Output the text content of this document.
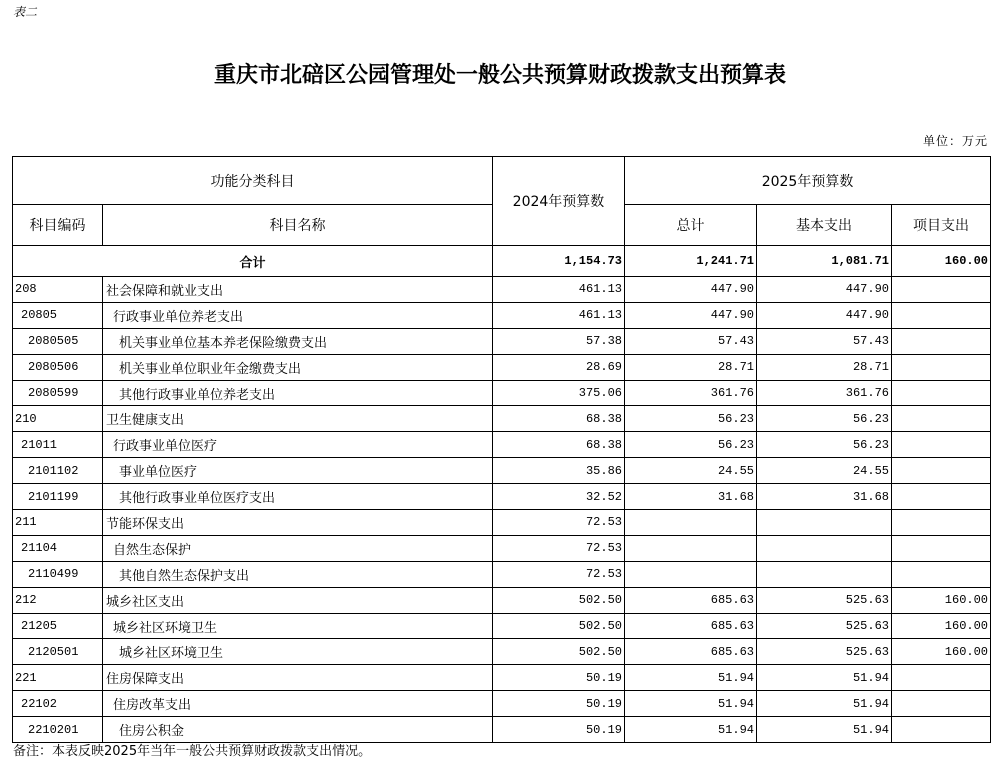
表二
重庆市北碚区公园管理处一般公共预算财政拨款支出预算表
单位：万元
功能分类科目		2024年预算数	2025年预算数		
科目编码	科目名称		总计	基本支出	项目支出
合计		1,154.73	1,241.71	1,081.71	160.00
208	社会保障和就业支出	461.13	447.90	447.90	
20805	行政事业单位养老支出	461.13	447.90	447.90	
2080505	机关事业单位基本养老保险缴费支出	57.38	57.43	57.43	
2080506	机关事业单位职业年金缴费支出	28.69	28.71	28.71	
2080599	其他行政事业单位养老支出	375.06	361.76	361.76	
210	卫生健康支出	68.38	56.23	56.23	
21011	行政事业单位医疗	68.38	56.23	56.23	
2101102	事业单位医疗	35.86	24.55	24.55	
2101199	其他行政事业单位医疗支出	32.52	31.68	31.68	
211	节能环保支出	72.53			
21104	自然生态保护	72.53			
2110499	其他自然生态保护支出	72.53			
212	城乡社区支出	502.50	685.63	525.63	160.00
21205	城乡社区环境卫生	502.50	685.63	525.63	160.00
2120501	城乡社区环境卫生	502.50	685.63	525.63	160.00
221	住房保障支出	50.19	51.94	51.94	
22102	住房改革支出	50.19	51.94	51.94	
2210201	住房公积金	50.19	51.94	51.94	
备注：本表反映2025年当年一般公共预算财政拨款支出情况。
